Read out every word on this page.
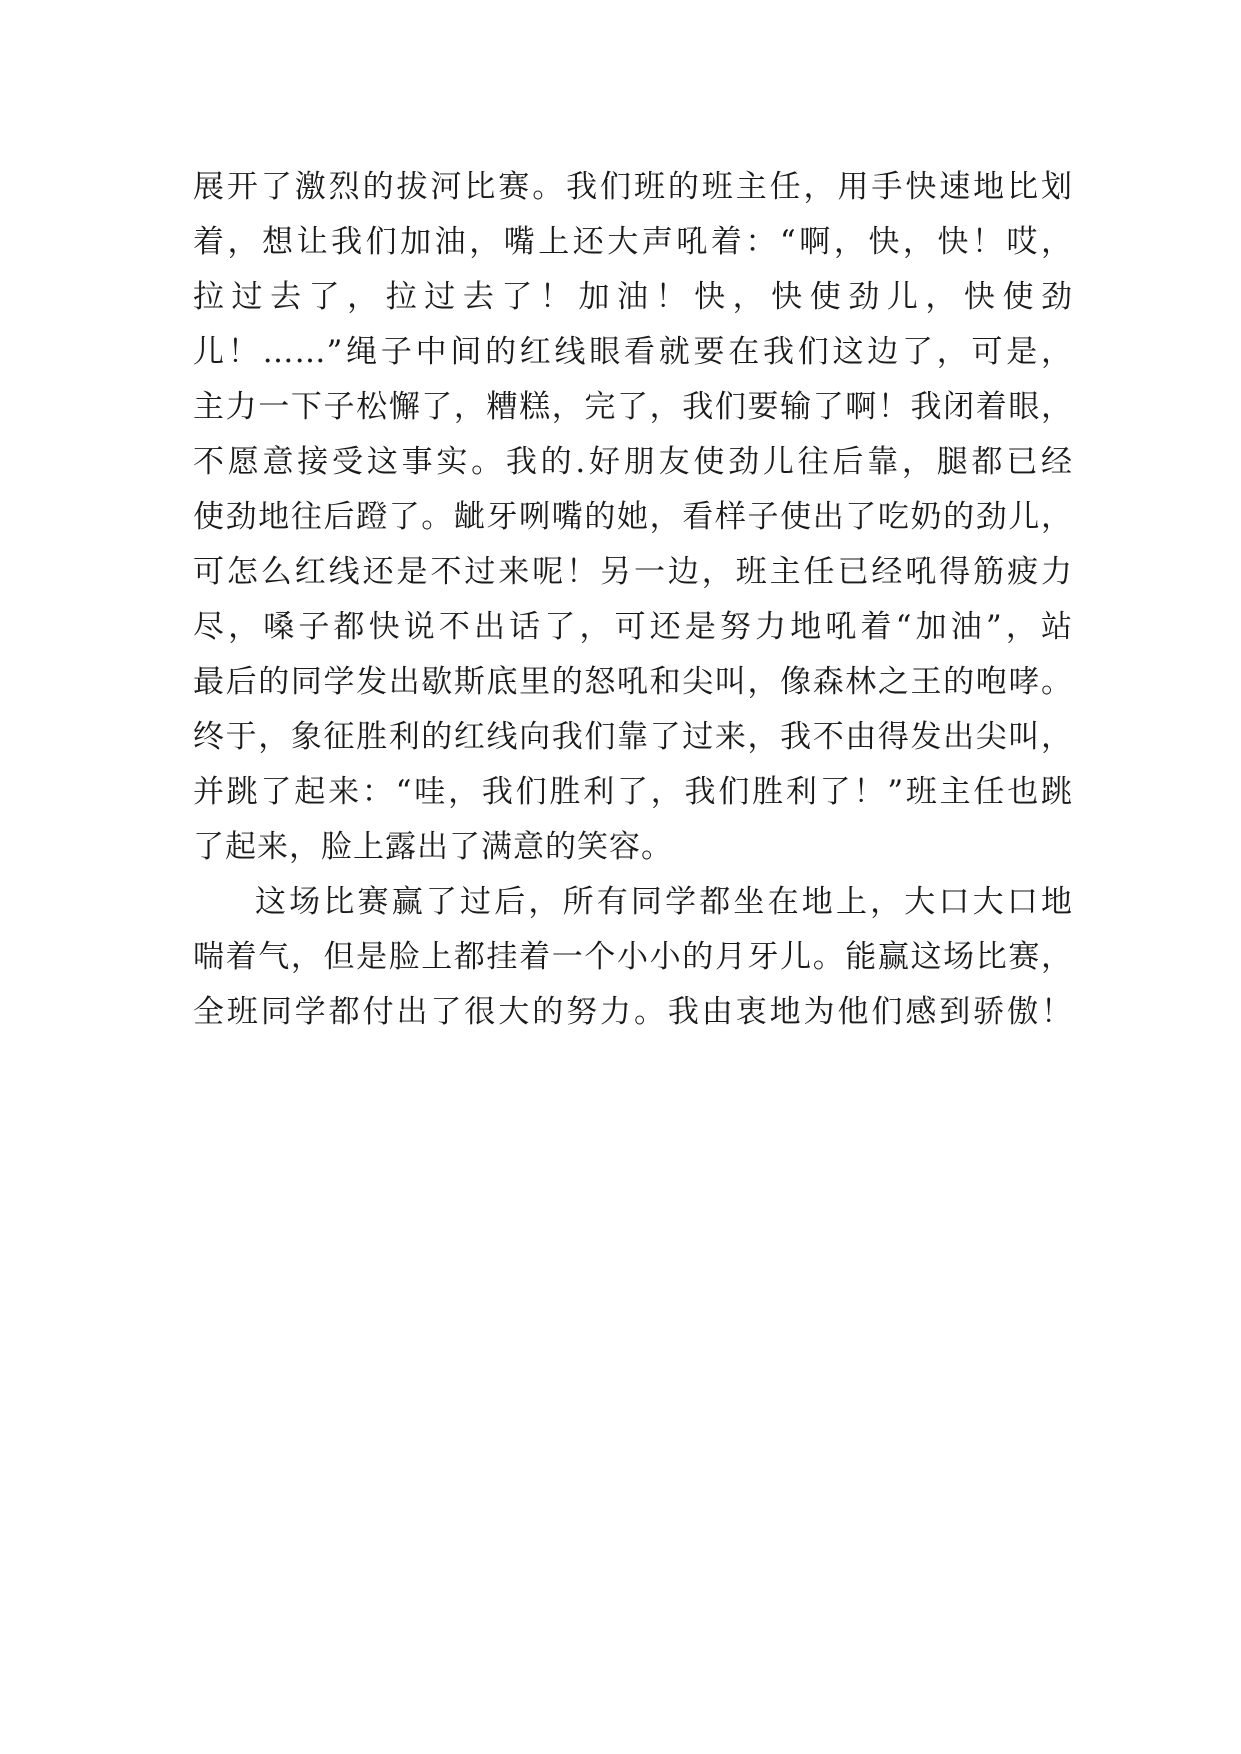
展开了激烈的拔河比赛。我们班的班主任，用手快速地比划
着，想让我们加油，嘴上还大声吼着：“啊，快，快！哎，
拉过去了，拉过去了！加油！快，快使劲儿，快使劲
儿！……”绳子中间的红线眼看就要在我们这边了，可是，
主力一下子松懈了，糟糕，完了，我们要输了啊！我闭着眼，
不愿意接受这事实。我的.好朋友使劲儿往后靠，腿都已经
使劲地往后蹬了。龇牙咧嘴的她，看样子使出了吃奶的劲儿，
可怎么红线还是不过来呢！另一边，班主任已经吼得筋疲力
尽，嗓子都快说不出话了，可还是努力地吼着“加油”，站
最后的同学发出歇斯底里的怒吼和尖叫，像森林之王的咆哮。
终于，象征胜利的红线向我们靠了过来，我不由得发出尖叫，
并跳了起来：“哇，我们胜利了，我们胜利了！”班主任也跳
了起来，脸上露出了满意的笑容。
这场比赛赢了过后，所有同学都坐在地上，大口大口地
喘着气，但是脸上都挂着一个小小的月牙儿。能赢这场比赛，
全班同学都付出了很大的努力。我由衷地为他们感到骄傲！
